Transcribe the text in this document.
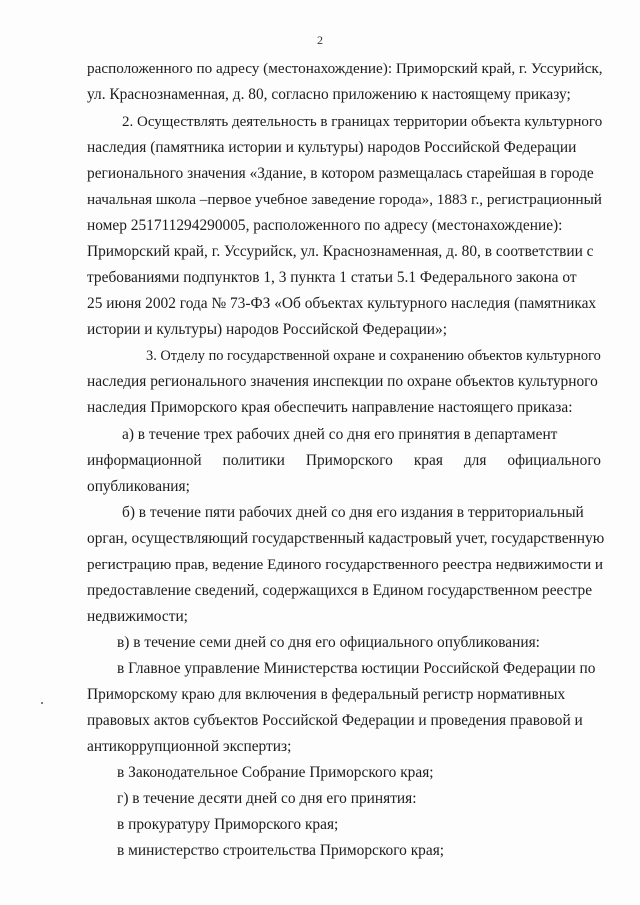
2
расположенного по адресу (местонахождение): Приморский край, г. Уссурийск,
ул. Краснознаменная, д. 80, согласно приложению к настоящему приказу;
2. Осуществлять деятельность в границах территории объекта культурного
наследия (памятника истории и культуры) народов Российской Федерации
регионального значения «Здание, в котором размещалась старейшая в городе
начальная школа –первое учебное заведение города», 1883 г., регистрационный
номер 251711294290005, расположенного по адресу (местонахождение):
Приморский край, г. Уссурийск, ул. Краснознаменная, д. 80, в соответствии с
требованиями подпунктов 1, 3 пункта 1 статьи 5.1 Федерального закона от
25 июня 2002 года № 73-ФЗ «Об объектах культурного наследия (памятниках
истории и культуры) народов Российской Федерации»;
3. Отделу по государственной охране и сохранению объектов культурного
наследия регионального значения инспекции по охране объектов культурного
наследия Приморского края обеспечить направление настоящего приказа:
а) в течение трех рабочих дней со дня его принятия в департамент
информационной политики Приморского края для официального
опубликования;
б) в течение пяти рабочих дней со дня его издания в территориальный
орган, осуществляющий государственный кадастровый учет, государственную
регистрацию прав, ведение Единого государственного реестра недвижимости и
предоставление сведений, содержащихся в Едином государственном реестре
недвижимости;
в) в течение семи дней со дня его официального опубликования:
в Главное управление Министерства юстиции Российской Федерации по
Приморскому краю для включения в федеральный регистр нормативных
правовых актов субъектов Российской Федерации и проведения правовой и
антикоррупционной экспертиз;
в Законодательное Собрание Приморского края;
г) в течение десяти дней со дня его принятия:
в прокуратуру Приморского края;
в министерство строительства Приморского края;
